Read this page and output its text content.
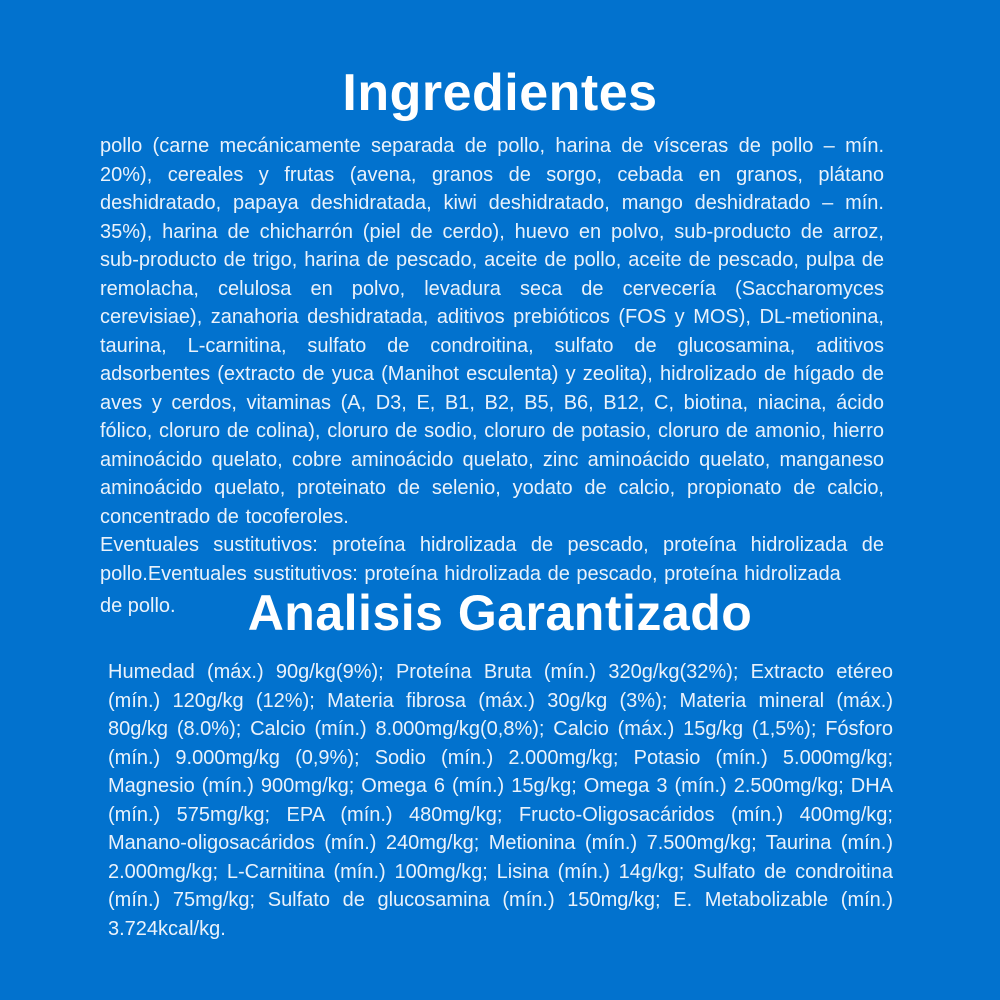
Ingredientes
pollo (carne mecánicamente separada de pollo, harina de vísceras de pollo – mín. 20%), cereales y frutas (avena, granos de sorgo, cebada en granos, plátano deshidratado, papaya deshidratada, kiwi deshidratado, mango deshidratado – mín. 35%), harina de chicharrón (piel de cerdo), huevo en polvo, sub-producto de arroz, sub-producto de trigo, harina de pescado, aceite de pollo, aceite de pescado, pulpa de remolacha, celulosa en polvo, levadura seca de cervecería (Saccharomyces cerevisiae), zanahoria deshidratada, aditivos prebióticos (FOS y MOS), DL-metionina, taurina, L-carnitina, sulfato de condroitina, sulfato de glucosamina, aditivos adsorbentes (extracto de yuca (Manihot esculenta) y zeolita), hidrolizado de hígado de aves y cerdos, vitaminas (A, D3, E, B1, B2, B5, B6, B12, C, biotina, niacina, ácido fólico, cloruro de colina), cloruro de sodio, cloruro de potasio, cloruro de amonio, hierro aminoácido quelato, cobre aminoácido quelato, zinc aminoácido quelato, manganeso aminoácido quelato, proteinato de selenio, yodato de calcio, propionato de calcio, concentrado de tocoferoles.
Eventuales sustitutivos: proteína hidrolizada de pescado, proteína hidrolizada de pollo.Eventuales sustitutivos: proteína hidrolizada de pescado, proteína hidrolizada
de pollo.	Analisis Garantizado
Humedad (máx.) 90g/kg(9%); Proteína Bruta (mín.) 320g/kg(32%); Extracto etéreo (mín.) 120g/kg (12%); Materia fibrosa (máx.) 30g/kg (3%); Materia mineral (máx.) 80g/kg (8.0%); Calcio (mín.) 8.000mg/kg(0,8%); Calcio (máx.) 15g/kg (1,5%); Fósforo (mín.) 9.000mg/kg (0,9%); Sodio (mín.) 2.000mg/kg; Potasio (mín.) 5.000mg/kg; Magnesio (mín.) 900mg/kg; Omega 6 (mín.) 15g/kg; Omega 3 (mín.) 2.500mg/kg; DHA (mín.) 575mg/kg; EPA (mín.) 480mg/kg; Fructo-Oligosacáridos (mín.) 400mg/kg; Manano-oligosacáridos (mín.) 240mg/kg; Metionina (mín.) 7.500mg/kg; Taurina (mín.) 2.000mg/kg; L-Carnitina (mín.) 100mg/kg; Lisina (mín.) 14g/kg; Sulfato de condroitina (mín.) 75mg/kg; Sulfato de glucosamina (mín.) 150mg/kg; E. Metabolizable (mín.) 3.724kcal/kg.
